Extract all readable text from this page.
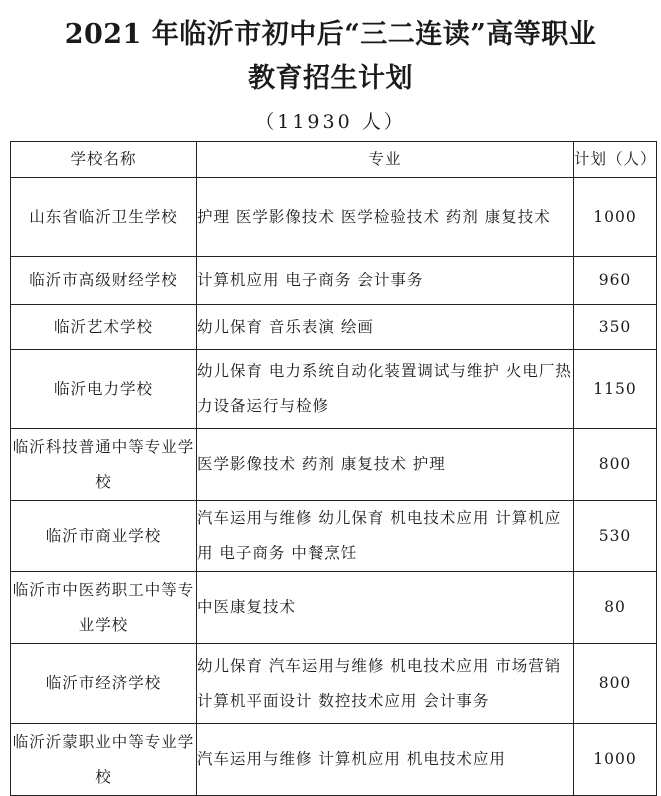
2021 年临沂市初中后“三二连读”高等职业
教育招生计划
（11930 人）
学校名称	专业	计划（人）
山东省临沂卫生学校	护理 医学影像技术 医学检验技术 药剂 康复技术	1000
临沂市高级财经学校	计算机应用 电子商务 会计事务	960
临沂艺术学校	幼儿保育 音乐表演 绘画	350
临沂电力学校	幼儿保育 电力系统自动化装置调试与维护 火电厂热力设备运行与检修	1150
临沂科技普通中等专业学校	医学影像技术 药剂 康复技术 护理	800
临沂市商业学校	汽车运用与维修 幼儿保育 机电技术应用 计算机应用 电子商务 中餐烹饪	530
临沂市中医药职工中等专业学校	中医康复技术	80
临沂市经济学校	幼儿保育 汽车运用与维修 机电技术应用 市场营销 计算机平面设计 数控技术应用 会计事务	800
临沂沂蒙职业中等专业学校	汽车运用与维修 计算机应用 机电技术应用	1000
